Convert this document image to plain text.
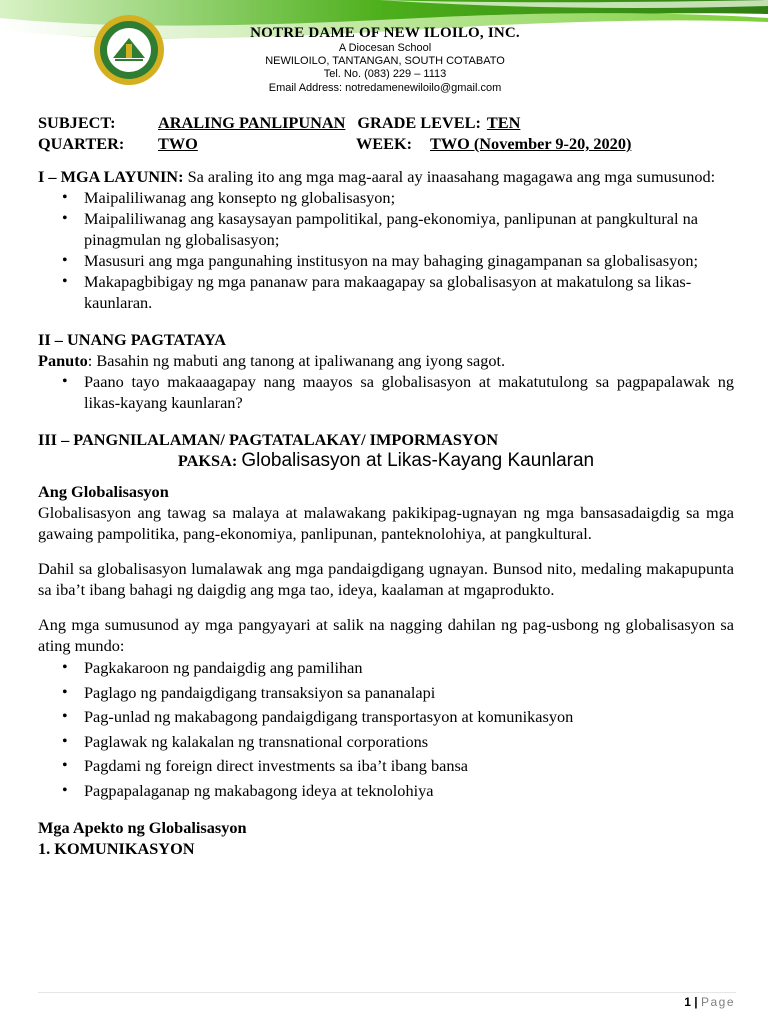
NOTRE DAME OF NEW ILOILO, INC.
A Diocesan School
NEWILOILO, TANTANGAN, SOUTH COTABATO
Tel. No. (083) 229 – 1113
Email Address: notredamenewiloilo@gmail.com
SUBJECT:	ARALING PANLIPUNAN GRADE LEVEL: TEN
QUARTER:	TWO	WEEK:	TWO (November 9-20, 2020)

I – MGA LAYUNIN: Sa araling ito ang mga mag-aaral ay inaasahang magagawa ang mga sumusunod:

• Maipaliliwanag ang konsepto ng globalisasyon;
• Maipaliliwanag ang kasaysayan pampolitikal, pang-ekonomiya, panlipunan at pangkultural na pinagmulan ng globalisasyon;
• Masusuri ang mga pangunahing institusyon na may bahaging ginagampanan sa globalisasyon;
• Makapagbibigay ng mga pananaw para makaagapay sa globalisasyon at makatulong sa likas-kaunlaran.

II – UNANG PAGTATAYA

Panuto: Basahin ng mabuti ang tanong at ipaliwanang ang iyong sagot.

• Paano tayo makaaagapay nang maayos sa globalisasyon at makatutulong sa pagpapalawak ng likas-kayang kaunlaran?

III – PANGNILALAMAN/ PAGTATALAKAY/ IMPORMASYON

PAKSA: Globalisasyon at Likas-Kayang Kaunlaran

Ang Globalisasyon

Globalisasyon ang tawag sa malaya at malawakang pakikipag-ugnayan ng mga bansasadaigdig sa mga gawaing pampolitika, pang-ekonomiya, panlipunan, panteknolohiya, at pangkultural.

Dahil sa globalisasyon lumalawak ang mga pandaigdigang ugnayan. Bunsod nito, medaling makapupunta sa iba’t ibang bahagi ng daigdig ang mga tao, ideya, kaalaman at mgaprodukto.

Ang mga sumusunod ay mga pangyayari at salik na nagging dahilan ng pag-usbong ng globalisasyon sa ating mundo:

• Pagkakaroon ng pandaigdig ang pamilihan
• Paglago ng pandaigdigang transaksiyon sa pananalapi
• Pag-unlad ng makabagong pandaigdigang transportasyon at komunikasyon
• Paglawak ng kalakalan ng transnational corporations
• Pagdami ng foreign direct investments sa iba’t ibang bansa
• Pagpapalaganap ng makabagong ideya at teknolohiya

Mga Apekto ng Globalisasyon

1. KOMUNIKASYON

1 | Page
